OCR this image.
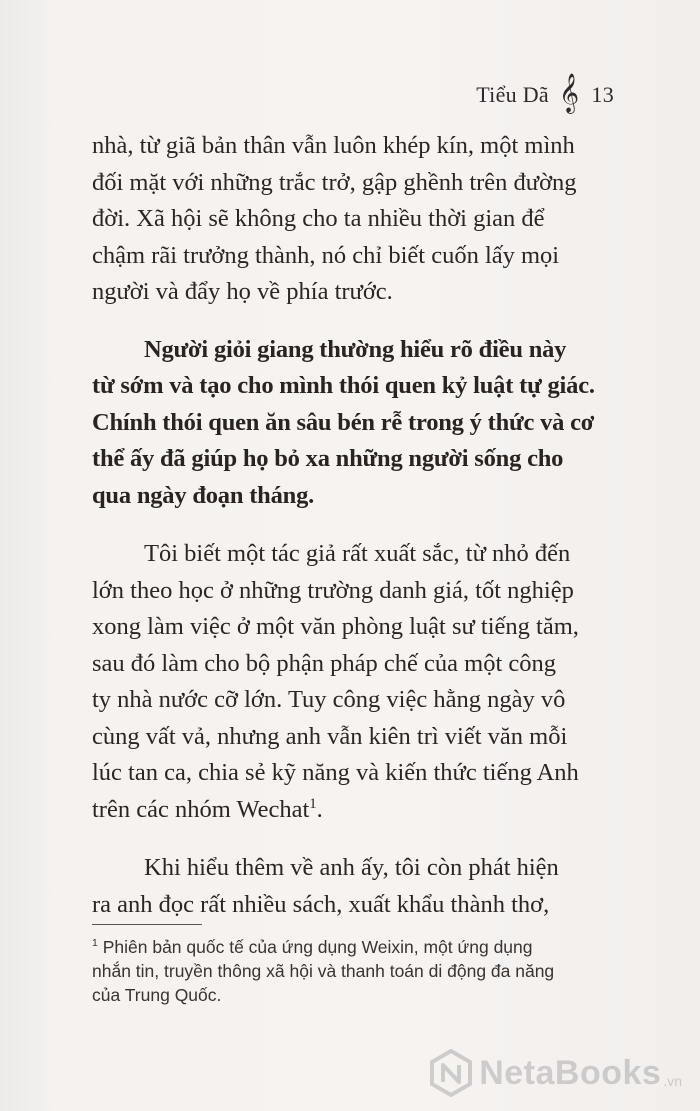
Tiểu Dã 𝄞 13

nhà, từ giã bản thân vẫn luôn khép kín, một mình
đối mặt với những trắc trở, gập ghềnh trên đường
đời. Xã hội sẽ không cho ta nhiều thời gian để
chậm rãi trưởng thành, nó chỉ biết cuốn lấy mọi
người và đẩy họ về phía trước.

Người giỏi giang thường hiểu rõ điều này
từ sớm và tạo cho mình thói quen kỷ luật tự giác.
Chính thói quen ăn sâu bén rễ trong ý thức và cơ
thể ấy đã giúp họ bỏ xa những người sống cho
qua ngày đoạn tháng.

Tôi biết một tác giả rất xuất sắc, từ nhỏ đến
lớn theo học ở những trường danh giá, tốt nghiệp
xong làm việc ở một văn phòng luật sư tiếng tăm,
sau đó làm cho bộ phận pháp chế của một công
ty nhà nước cỡ lớn. Tuy công việc hằng ngày vô
cùng vất vả, nhưng anh vẫn kiên trì viết văn mỗi
lúc tan ca, chia sẻ kỹ năng và kiến thức tiếng Anh
trên các nhóm Wechat$^1$.

Khi hiểu thêm về anh ấy, tôi còn phát hiện
ra anh đọc rất nhiều sách, xuất khẩu thành thơ,

$^1$ Phiên bản quốc tế của ứng dụng Weixin, một ứng dụng
nhắn tin, truyền thông xã hội và thanh toán di động đa năng
của Trung Quốc.
NetaBooks .vn
